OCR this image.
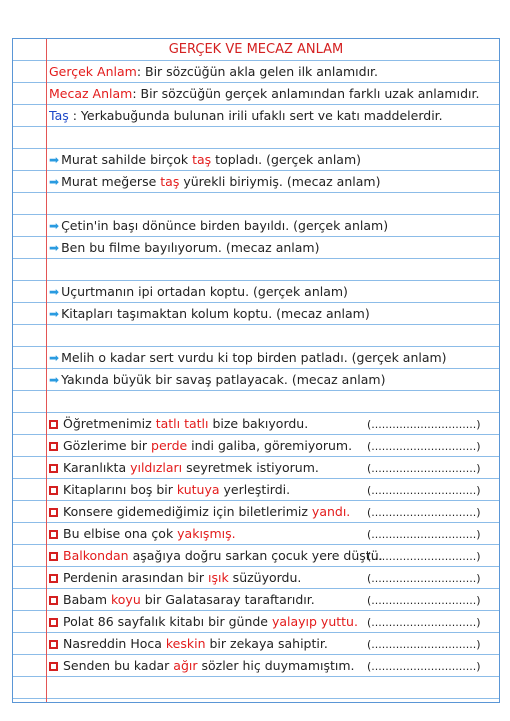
GERÇEK VE MECAZ ANLAM
Gerçek Anlam: Bir sözcüğün akla gelen ilk anlamıdır.
Mecaz Anlam: Bir sözcüğün gerçek anlamından farklı uzak anlamıdır.
Taş : Yerkabuğunda bulunan irili ufaklı sert ve katı maddelerdir.
➡ Murat sahilde birçok taş topladı. (gerçek anlam)
➡ Murat meğerse taş yürekli biriymiş. (mecaz anlam)
➡ Çetin'in başı dönünce birden bayıldı. (gerçek anlam)
➡ Ben bu filme bayılıyorum. (mecaz anlam)
➡ Uçurtmanın ipi ortadan koptu. (gerçek anlam)
➡ Kitapları taşımaktan kolum koptu. (mecaz anlam)
➡ Melih o kadar sert vurdu ki top birden patladı. (gerçek anlam)
➡ Yakında büyük bir savaş patlayacak. (mecaz anlam)
Öğretmenimiz tatlı tatlı bize bakıyordu.	(..............................)
Gözlerime bir perde indi galiba, göremiyorum. (..............................)
Karanlıkta yıldızları seyretmek istiyorum.	(..............................)
Kitaplarını boş bir kutuya yerleştirdi.	(..............................)
Konsere gidemediğimiz için biletlerimiz yandı. (..............................)
Bu elbise ona çok yakışmış.	(..............................)
Balkondan aşağıya doğru sarkan çocuk yere düştü.(..............................)
Perdenin arasından bir ışık süzüyordu.	(..............................)
Babam koyu bir Galatasaray taraftarıdır.	(..............................)
Polat 86 sayfalık kitabı bir günde yalayıp yuttu. (..............................)
Nasreddin Hoca keskin bir zekaya sahiptir.	(..............................)
Senden bu kadar ağır sözler hiç duymamıştım. (..............................)
